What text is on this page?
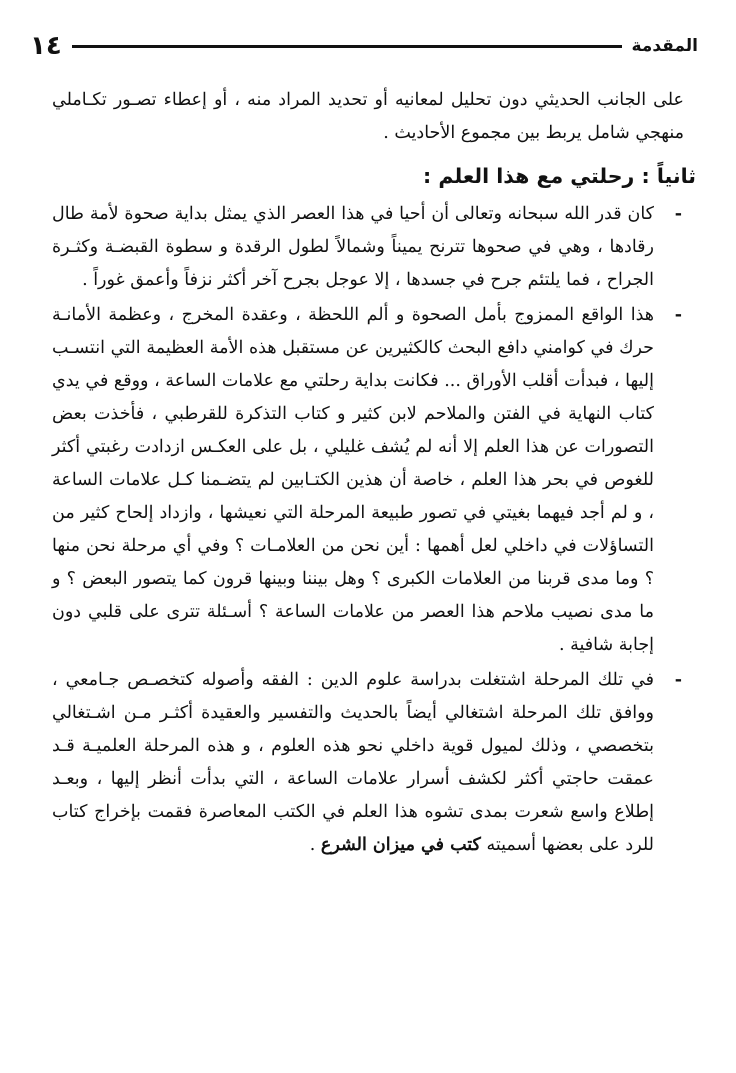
المقدمة
١٤

على الجانب الحديثي دون تحليل لمعانيه أو تحديد المراد منه ، أو إعطاء تصـور تكـاملي منهجي شامل يربط بين مجموع الأحاديث .

ثانياً : رحلتي مع هذا العلم :

-
كان قدر الله سبحانه وتعالى أن أحيا في هذا العصر الذي يمثل بداية صحوة لأمة طال رقادها ، وهي في صحوها تترنح يميناً وشمالاً لطول الرقدة و سطوة القبضـة وكثـرة الجراح ، فما يلتئم جرح في جسدها ، إلا عوجل بجرح آخر أكثر نزفاً وأعمق غوراً .

-
هذا الواقع الممزوج بأمل الصحوة و ألم اللحظة ، وعقدة المخرج ، وعظمة الأمانـة حرك في كوامني دافع البحث كالكثيرين عن مستقبل هذه الأمة العظيمة التي انتسـب إليها ، فبدأت أقلب الأوراق ... فكانت بداية رحلتي مع علامات الساعة ، ووقع في يدي كتاب النهاية في الفتن والملاحم لابن كثير و كتاب التذكرة للقرطبي ، فأخذت بعض التصورات عن هذا العلم إلا أنه لم يُشف غليلي ، بل على العكـس ازدادت رغبتي أكثر للغوص في بحر هذا العلم ، خاصة أن هذين الكتـابين لم يتضـمنا كـل علامات الساعة ، و لم أجد فيهما بغيتي في تصور طبيعة المرحلة التي نعيشها ، وازداد إلحاح كثير من التساؤلات في داخلي لعل أهمها : أين نحن من العلامـات ؟ وفي أي مرحلة نحن منها ؟ وما مدى قربنا من العلامات الكبرى ؟ وهل بيننا وبينها قرون كما يتصور البعض ؟ و ما مدى نصيب ملاحم هذا العصر من علامات الساعة ؟ أسـئلة تترى على قلبي دون إجابة شافية .

-
في تلك المرحلة اشتغلت بدراسة علوم الدين : الفقه وأصوله كتخصـص جـامعي ، ووافق تلك المرحلة اشتغالي أيضاً بالحديث والتفسير والعقيدة أكثـر مـن اشـتغالي بتخصصي ، وذلك لميول قوية داخلي نحو هذه العلوم ، و هذه المرحلة العلميـة قـد عمقت حاجتي أكثر لكشف أسرار علامات الساعة ، التي بدأت أنظر إليها ، وبعـد إطلاع واسع شعرت بمدى تشوه هذا العلم في الكتب المعاصرة فقمت بإخراج كتاب للرد على بعضها أسميته كتب في ميزان الشرع .
